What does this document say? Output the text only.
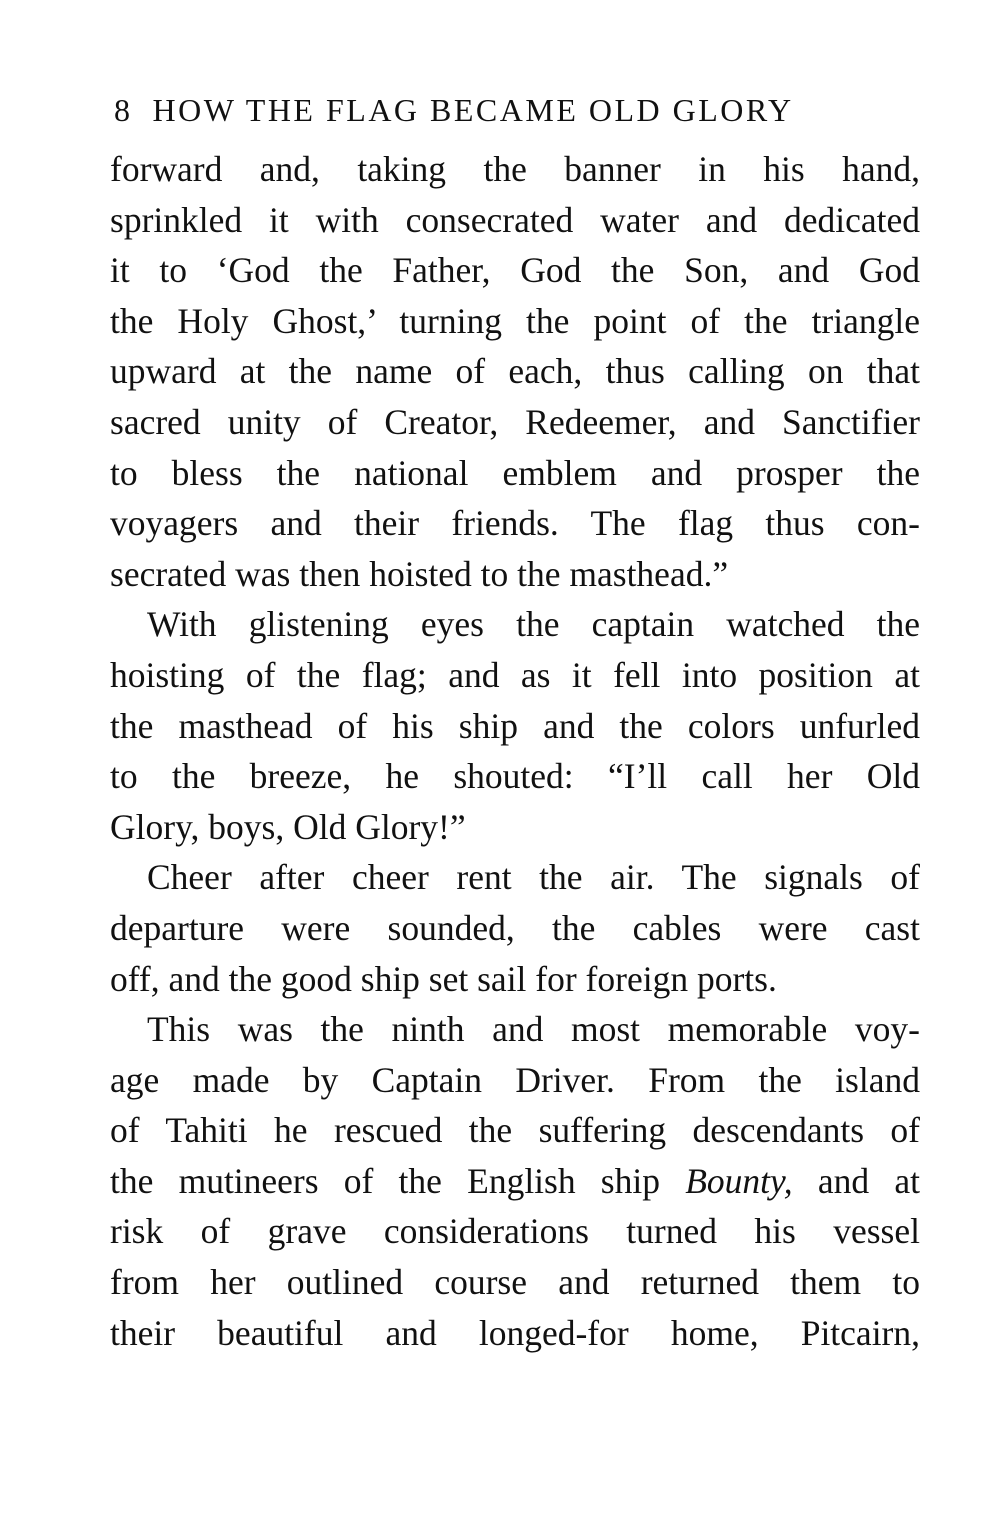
8 HOW THE FLAG BECAME OLD GLORY
forward and, taking the banner in his hand,
sprinkled it with consecrated water and dedicated
it to ‘God the Father, God the Son, and God
the Holy Ghost,’ turning the point of the triangle
upward at the name of each, thus calling on that
sacred unity of Creator, Redeemer, and Sanctifier
to bless the national emblem and prosper the
voyagers and their friends. The flag thus con-
secrated was then hoisted to the masthead.”
With glistening eyes the captain watched the
hoisting of the flag; and as it fell into position at
the masthead of his ship and the colors unfurled
to the breeze, he shouted: “I’ll call her Old
Glory, boys, Old Glory!”
Cheer after cheer rent the air. The signals of
departure were sounded, the cables were cast
off, and the good ship set sail for foreign ports.
This was the ninth and most memorable voy-
age made by Captain Driver. From the island
of Tahiti he rescued the suffering descendants of
the mutineers of the English ship Bounty, and at
risk of grave considerations turned his vessel
from her outlined course and returned them to
their beautiful and longed-for home, Pitcairn,
